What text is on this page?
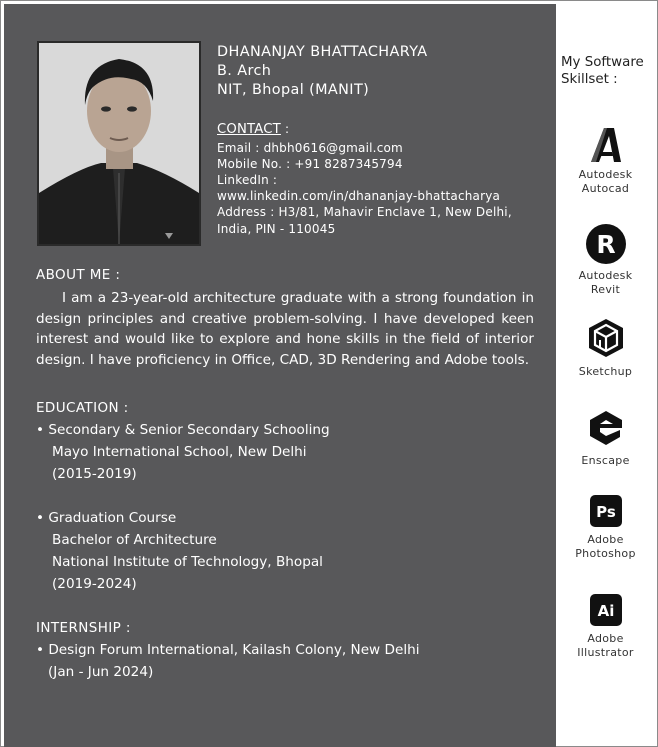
DHANANJAY BHATTACHARYA
B. Arch
NIT, Bhopal (MANIT)
CONTACT :
Email : dhbh0616@gmail.com
Mobile No. : +91 8287345794
LinkedIn :
www.linkedin.com/in/dhananjay-bhattacharya
Address : H3/81, Mahavir Enclave 1, New Delhi,
India, PIN - 110045
ABOUT ME :
I am a 23-year-old architecture graduate with a strong foundation in design principles and creative problem-solving. I have developed keen interest and would like to explore and hone skills in the field of interior design. I have proficiency in Office, CAD, 3D Rendering and Adobe tools.
EDUCATION :
• Secondary & Senior Secondary Schooling
Mayo International School, New Delhi
(2015-2019)
• Graduation Course
Bachelor of Architecture
National Institute of Technology, Bhopal
(2019-2024)
INTERNSHIP :
• Design Forum International, Kailash Colony, New Delhi
(Jan - Jun 2024)
My Software
Skillset :
Autodesk
Autocad
R
Autodesk
Revit
Sketchup
Enscape
Ps
Adobe
Photoshop
Ai
Adobe
Illustrator
